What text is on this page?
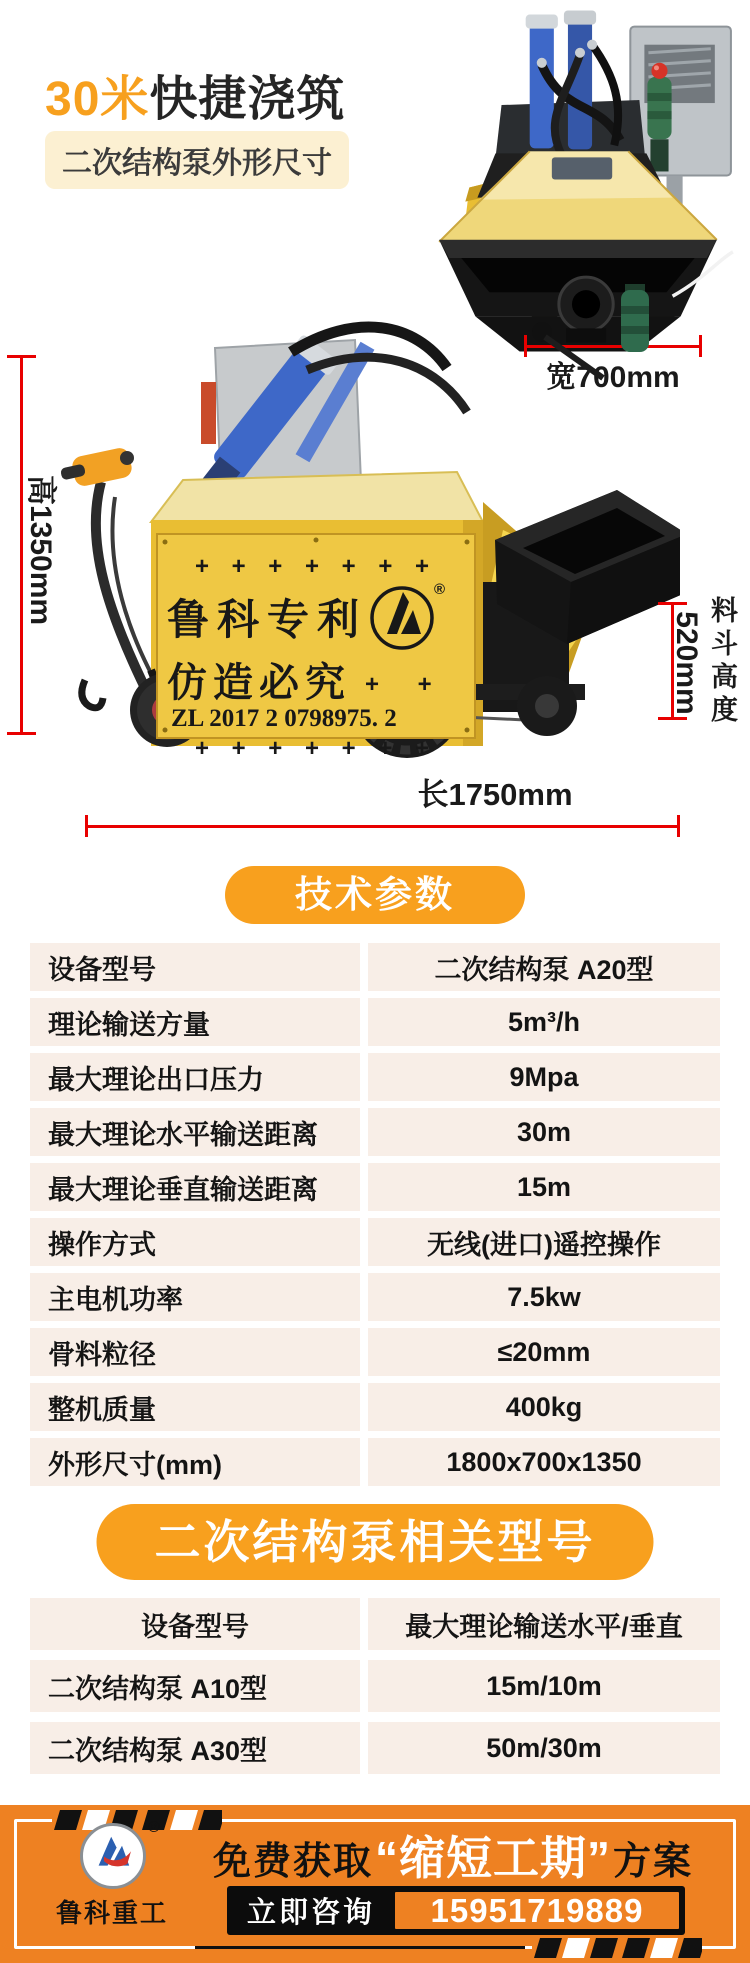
30米快捷浇筑
二次结构泵外形尺寸
宽700mm
+ + + + + + +
鲁科专利
®
仿造必究 + +
ZL 2017 2 0798975. 2
+ + + + + + +
高1350mm
520mm 料斗高度
长1750mm
技术参数
设备型号	二次结构泵 A20型
理论输送方量	5m³/h
最大理论出口压力	9Mpa
最大理论水平输送距离	30m
最大理论垂直输送距离	15m
操作方式	无线(进口)遥控操作
主电机功率	7.5kw
骨料粒径	≤20mm
整机质量	400kg
外形尺寸(mm)	1800x700x1350
二次结构泵相关型号
设备型号	最大理论输送水平/垂直
二次结构泵 A10型	15m/10m
二次结构泵 A30型	50m/30m
®
鲁科重工
免费获取 “缩短工期” 方案
立即咨询	15951719889
